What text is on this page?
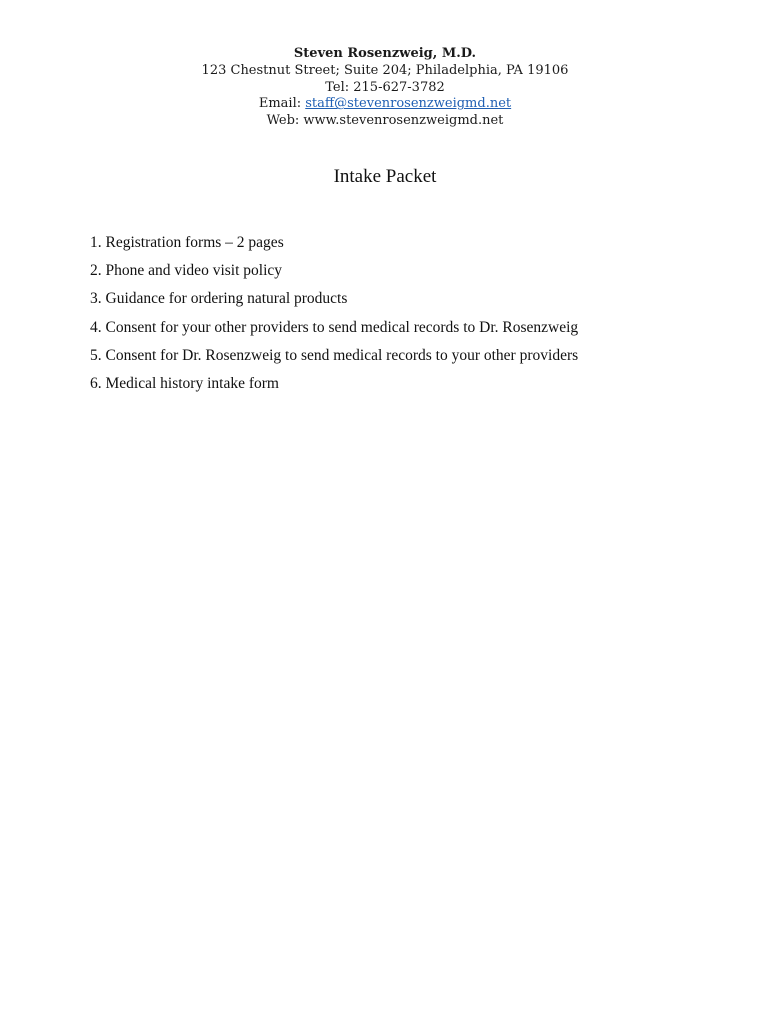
Steven Rosenzweig, M.D.
123 Chestnut Street; Suite 204; Philadelphia, PA 19106
Tel: 215-627-3782
Email: staff@stevenrosenzweigmd.net
Web: www.stevenrosenzweigmd.net
Intake Packet
1. Registration forms – 2 pages
2. Phone and video visit policy
3. Guidance for ordering natural products
4. Consent for your other providers to send medical records to Dr. Rosenzweig
5. Consent for Dr. Rosenzweig to send medical records to your other providers
6. Medical history intake form
